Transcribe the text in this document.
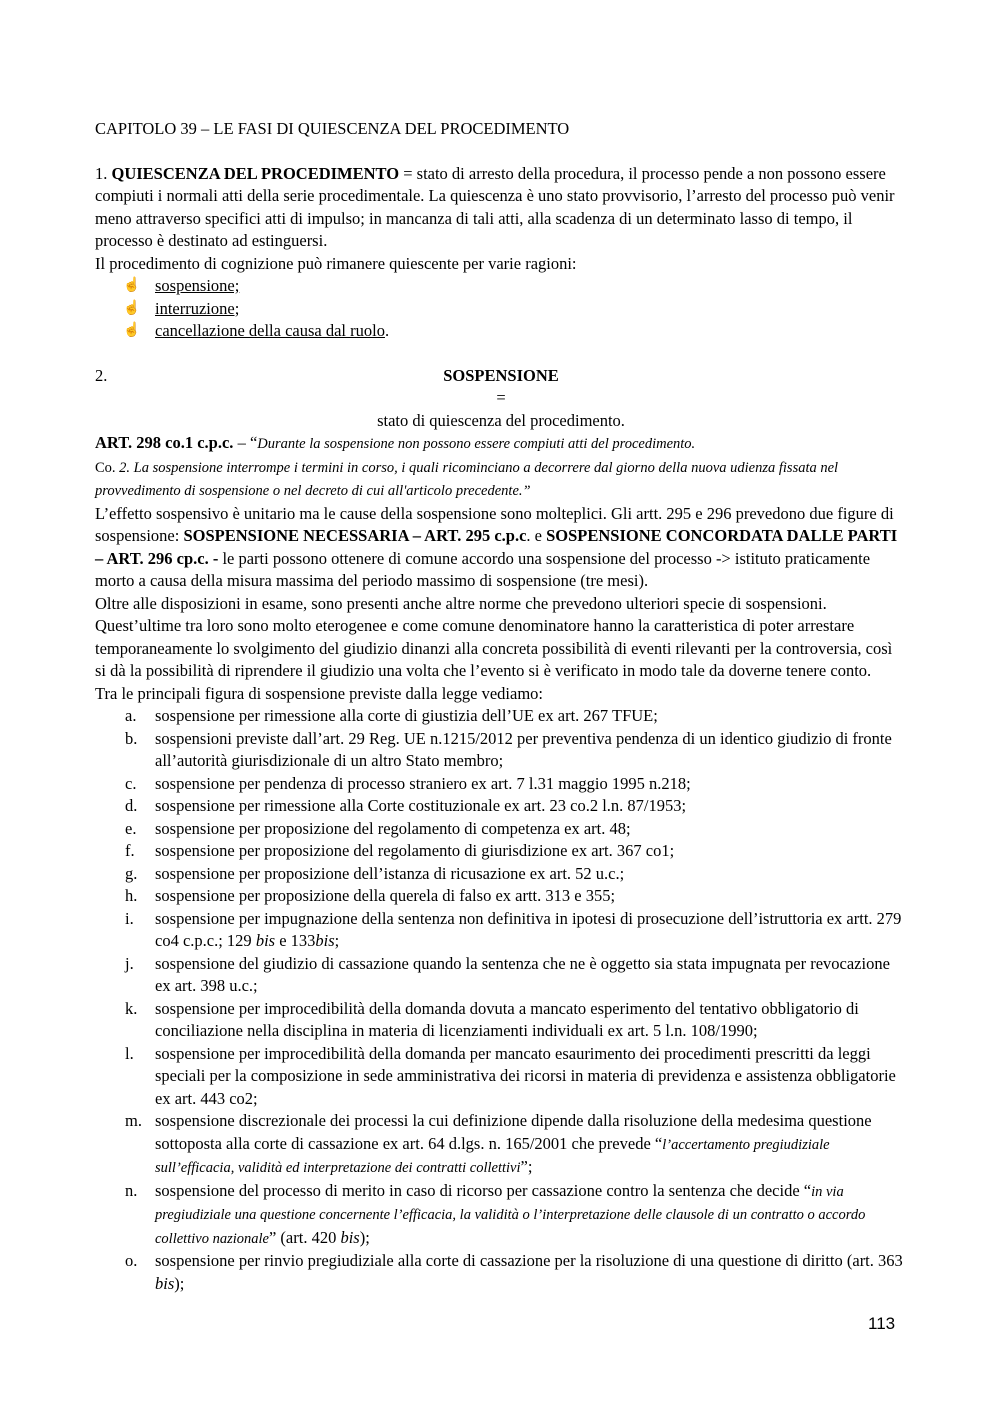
CAPITOLO 39 – LE FASI DI QUIESCENZA DEL PROCEDIMENTO

1. QUIESCENZA DEL PROCEDIMENTO = stato di arresto della procedura, il processo pende a non possono essere compiuti i normali atti della serie procedimentale. La quiescenza è uno stato provvisorio, l’arresto del processo può venir meno attraverso specifici atti di impulso; in mancanza di tali atti, alla scadenza di un determinato lasso di tempo, il processo è destinato ad estinguersi.

Il procedimento di cognizione può rimanere quiescente per varie ragioni:

☝ sospensione;
☝ interruzione;
☝ cancellazione della causa dal ruolo.
2.	SOSPENSIONE
=
stato di quiescenza del procedimento.

ART. 298 co.1 c.p.c. – “Durante la sospensione non possono essere compiuti atti del procedimento.

Co. 2. La sospensione interrompe i termini in corso, i quali ricominciano a decorrere dal giorno della nuova udienza fissata nel provvedimento di sospensione o nel decreto di cui all'articolo precedente.”

L’effetto sospensivo è unitario ma le cause della sospensione sono molteplici. Gli artt. 295 e 296 prevedono due figure di sospensione: SOSPENSIONE NECESSARIA – ART. 295 c.p.c. e SOSPENSIONE CONCORDATA DALLE PARTI – ART. 296 cp.c. - le parti possono ottenere di comune accordo una sospensione del processo -> istituto praticamente morto a causa della misura massima del periodo massimo di sospensione (tre mesi).

Oltre alle disposizioni in esame, sono presenti anche altre norme che prevedono ulteriori specie di sospensioni. Quest’ultime tra loro sono molto eterogenee e come comune denominatore hanno la caratteristica di poter arrestare temporaneamente lo svolgimento del giudizio dinanzi alla concreta possibilità di eventi rilevanti per la controversia, così si dà la possibilità di riprendere il giudizio una volta che l’evento si è verificato in modo tale da doverne tenere conto.

Tra le principali figura di sospensione previste dalla legge vediamo:

a. sospensione per rimessione alla corte di giustizia dell’UE ex art. 267 TFUE;
b. sospensioni previste dall’art. 29 Reg. UE n.1215/2012 per preventiva pendenza di un identico giudizio di fronte all’autorità giurisdizionale di un altro Stato membro;
c. sospensione per pendenza di processo straniero ex art. 7 l.31 maggio 1995 n.218;
d. sospensione per rimessione alla Corte costituzionale ex art. 23 co.2 l.n. 87/1953;
e. sospensione per proposizione del regolamento di competenza ex art. 48;
f. sospensione per proposizione del regolamento di giurisdizione ex art. 367 co1;
g. sospensione per proposizione dell’istanza di ricusazione ex art. 52 u.c.;
h. sospensione per proposizione della querela di falso ex artt. 313 e 355;
i. sospensione per impugnazione della sentenza non definitiva in ipotesi di prosecuzione dell’istruttoria ex artt. 279 co4 c.p.c.; 129 bis e 133bis;
j. sospensione del giudizio di cassazione quando la sentenza che ne è oggetto sia stata impugnata per revocazione ex art. 398 u.c.;
k. sospensione per improcedibilità della domanda dovuta a mancato esperimento del tentativo obbligatorio di conciliazione nella disciplina in materia di licenziamenti individuali ex art. 5 l.n. 108/1990;
l. sospensione per improcedibilità della domanda per mancato esaurimento dei procedimenti prescritti da leggi speciali per la composizione in sede amministrativa dei ricorsi in materia di previdenza e assistenza obbligatorie ex art. 443 co2;
m. sospensione discrezionale dei processi la cui definizione dipende dalla risoluzione della medesima questione sottoposta alla corte di cassazione ex art. 64 d.lgs. n. 165/2001 che prevede “l’accertamento pregiudiziale sull’efficacia, validità ed interpretazione dei contratti collettivi”;
n. sospensione del processo di merito in caso di ricorso per cassazione contro la sentenza che decide “in via pregiudiziale una questione concernente l’efficacia, la validità o l’interpretazione delle clausole di un contratto o accordo collettivo nazionale” (art. 420 bis);
o. sospensione per rinvio pregiudiziale alla corte di cassazione per la risoluzione di una questione di diritto (art. 363 bis);
113
